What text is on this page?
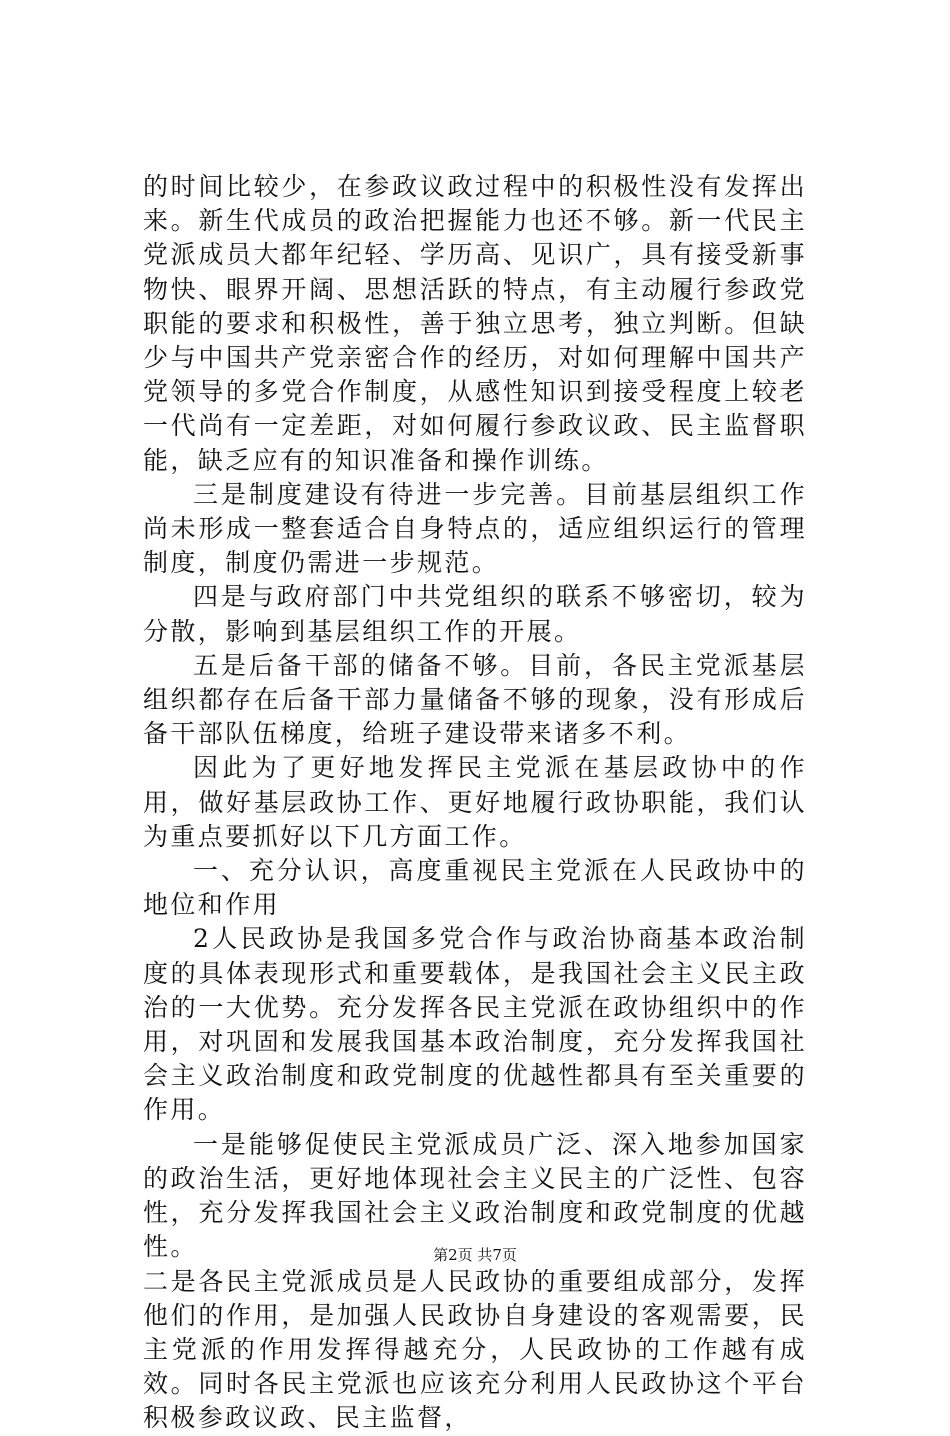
的时间比较少，在参政议政过程中的积极性没有发挥出来。新生代成员的政治把握能力也还不够。新一代民主党派成员大都年纪轻、学历高、见识广，具有接受新事物快、眼界开阔、思想活跃的特点，有主动履行参政党职能的要求和积极性，善于独立思考，独立判断。但缺少与中国共产党亲密合作的经历，对如何理解中国共产党领导的多党合作制度，从感性知识到接受程度上较老一代尚有一定差距，对如何履行参政议政、民主监督职能，缺乏应有的知识准备和操作训练。

三是制度建设有待进一步完善。目前基层组织工作尚未形成一整套适合自身特点的，适应组织运行的管理制度，制度仍需进一步规范。

四是与政府部门中共党组织的联系不够密切，较为分散，影响到基层组织工作的开展。

五是后备干部的储备不够。目前，各民主党派基层组织都存在后备干部力量储备不够的现象，没有形成后备干部队伍梯度，给班子建设带来诸多不利。

因此为了更好地发挥民主党派在基层政协中的作用，做好基层政协工作、更好地履行政协职能，我们认为重点要抓好以下几方面工作。

一、充分认识，高度重视民主党派在人民政协中的地位和作用

2人民政协是我国多党合作与政治协商基本政治制度的具体表现形式和重要载体，是我国社会主义民主政治的一大优势。充分发挥各民主党派在政协组织中的作用，对巩固和发展我国基本政治制度，充分发挥我国社会主义政治制度和政党制度的优越性都具有至关重要的作用。

一是能够促使民主党派成员广泛、深入地参加国家的政治生活，更好地体现社会主义民主的广泛性、包容性，充分发挥我国社会主义政治制度和政党制度的优越性。

二是各民主党派成员是人民政协的重要组成部分，发挥他们的作用，是加强人民政协自身建设的客观需要，民主党派的作用发挥得越充分，人民政协的工作越有成效。同时各民主党派也应该充分利用人民政协这个平台积极参政议政、民主监督，

第2页 共7页
